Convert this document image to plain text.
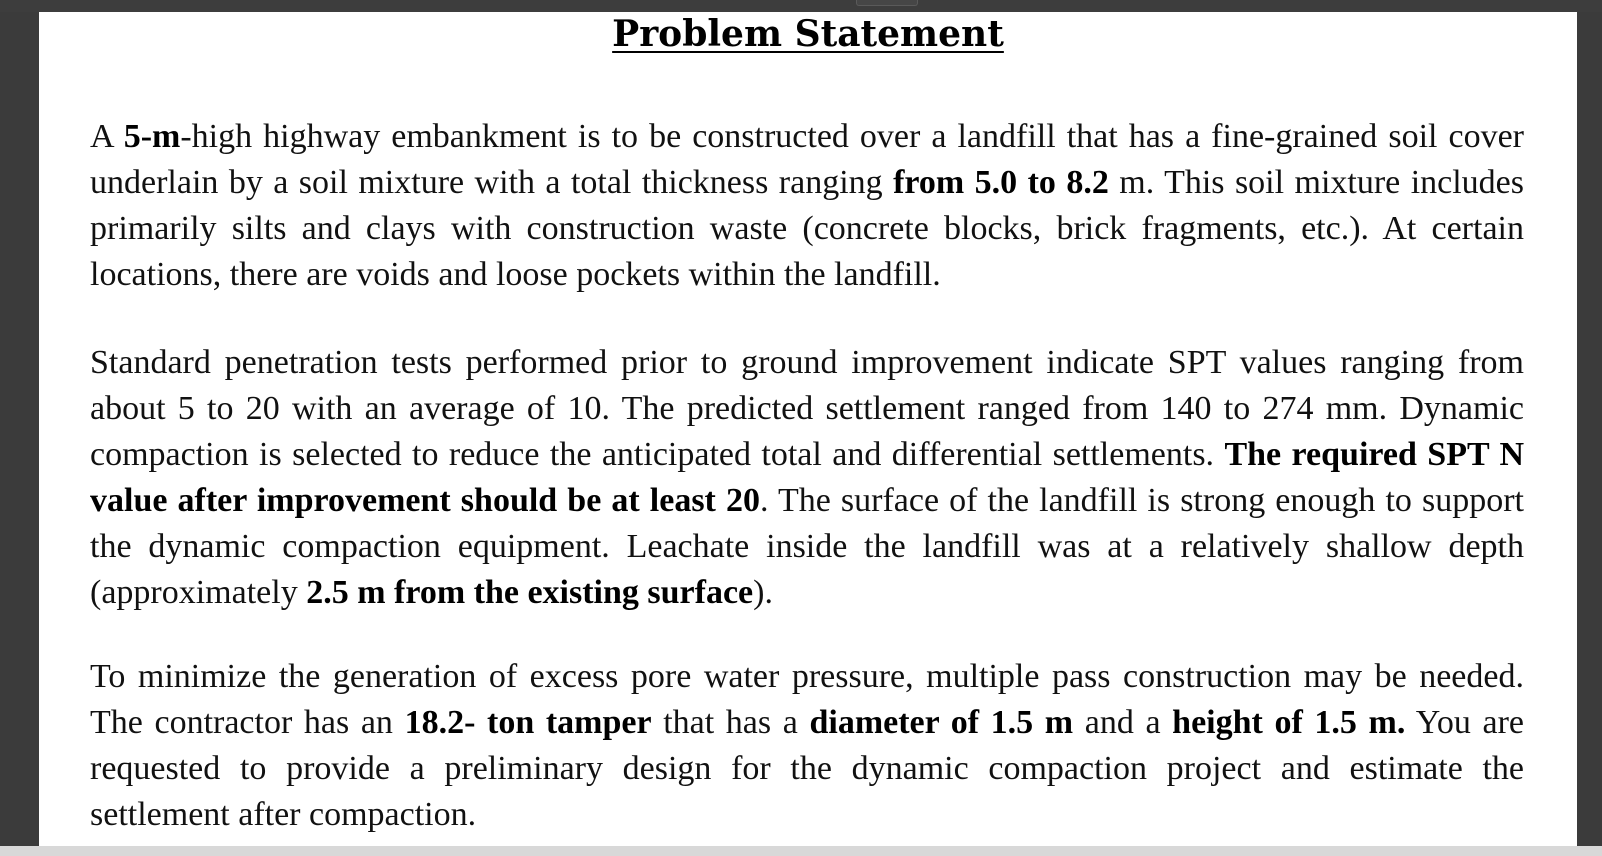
Problem Statement

A 5-m-high highway embankment is to be constructed over a landfill that has a fine-grained soil cover underlain by a soil mixture with a total thickness ranging from 5.0 to 8.2 m. This soil mixture includes primarily silts and clays with construction waste (concrete blocks, brick fragments, etc.). At certain locations, there are voids and loose pockets within the landfill.

Standard penetration tests performed prior to ground improvement indicate SPT values ranging from about 5 to 20 with an average of 10. The predicted settlement ranged from 140 to 274 mm. Dynamic compaction is selected to reduce the anticipated total and differential settlements. The required SPT N value after improvement should be at least 20. The surface of the landfill is strong enough to support the dynamic compaction equipment. Leachate inside the landfill was at a relatively shallow depth (approximately 2.5 m from the existing surface).

To minimize the generation of excess pore water pressure, multiple pass construction may be needed. The contractor has an 18.2- ton tamper that has a diameter of 1.5 m and a height of 1.5 m. You are requested to provide a preliminary design for the dynamic compaction project and estimate the settlement after compaction.
